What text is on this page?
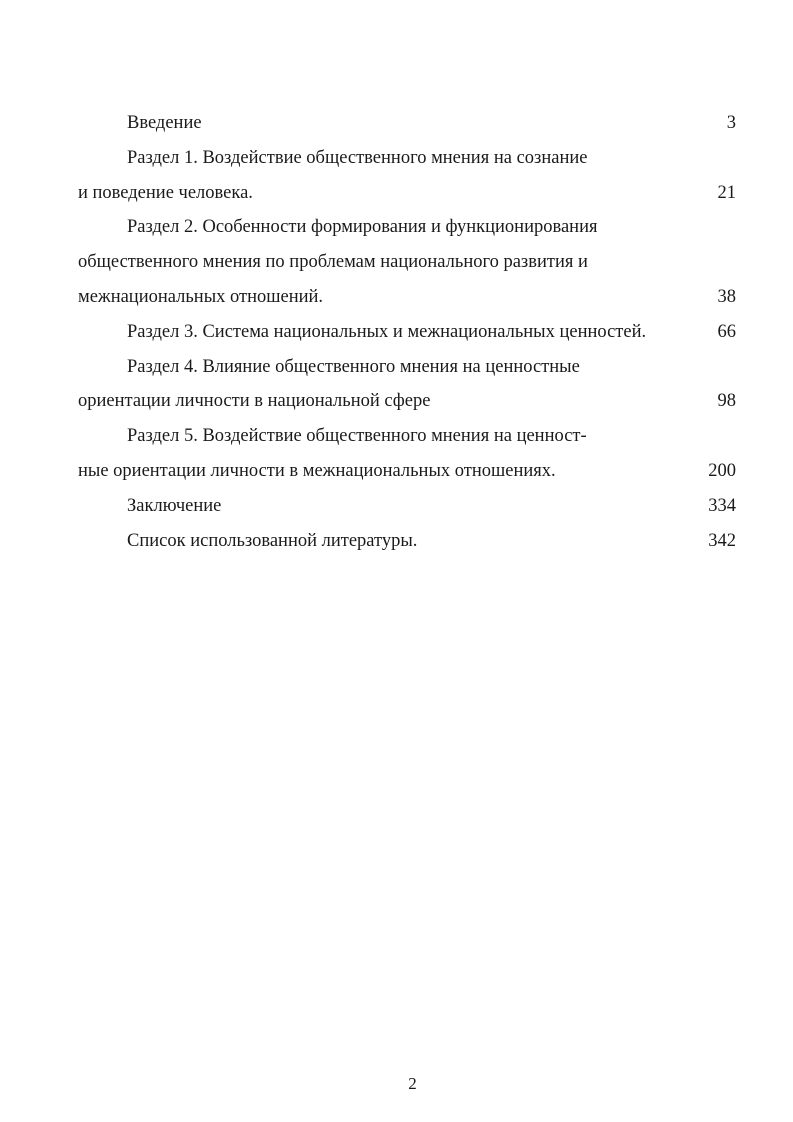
Введение	3
Раздел 1. Воздействие общественного мнения на сознание
и поведение человека.	21
Раздел 2. Особенности формирования и функционирования
общественного мнения по проблемам национального развития и
межнациональных отношений.	38
Раздел 3. Система национальных и межнациональных ценностей.	66
Раздел 4. Влияние общественного мнения на ценностные
ориентации личности в национальной сфере	98
Раздел 5. Воздействие общественного мнения на ценност-
ные ориентации личности в межнациональных отношениях.	200
Заключение	334
Список использованной литературы.	342
2
